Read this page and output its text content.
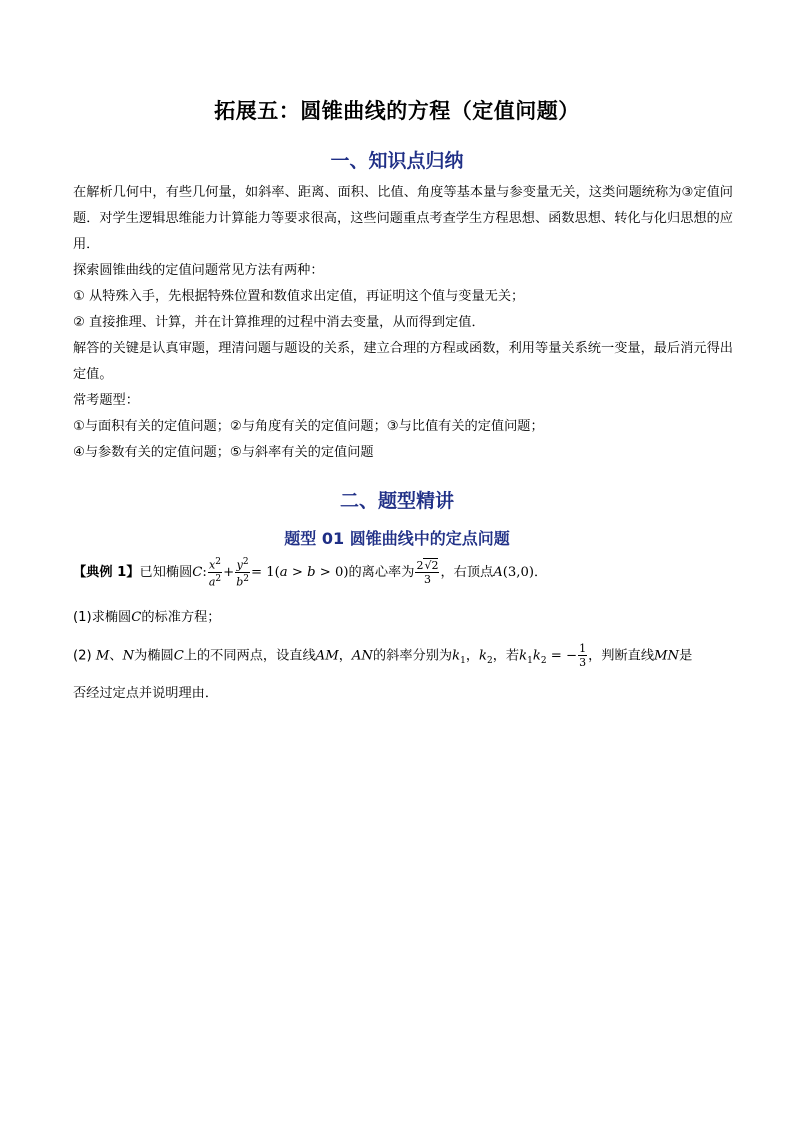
拓展五：圆锥曲线的方程（定值问题）
一、知识点归纳

在解析几何中，有些几何量，如斜率、距离、面积、比值、角度等基本量与参变量无关，这类问题统称为③定值问题．对学生逻辑思维能力计算能力等要求很高，这些问题重点考查学生方程思想、函数思想、转化与化归思想的应用．

探索圆锥曲线的定值问题常见方法有两种：

① 从特殊入手，先根据特殊位置和数值求出定值，再证明这个值与变量无关；

② 直接推理、计算，并在计算推理的过程中消去变量，从而得到定值．

解答的关键是认真审题，理清问题与题设的关系，建立合理的方程或函数，利用等量关系统一变量，最后消元得出定值。

常考题型：

①与面积有关的定值问题；②与角度有关的定值问题；③与比值有关的定值问题；

④与参数有关的定值问题；⑤与斜率有关的定值问题

二、题型精讲
题型 01 圆锥曲线中的定点问题
【典例 1】已知椭圆C: $\frac{x^2}{a^2} + \frac{y^2}{b^2} = 1(a > b > 0)$的离心率为 $\frac{2√2}{3}$ ，右顶点A(3,0)．
(1)求椭圆C的标准方程；
(2) M、N为椭圆C上的不同两点，设直线AM，AN的斜率分别为$k_1$，$k_2$，若$k_1k_2$ = − $\frac{1}{3}$ ，判断直线MN是
否经过定点并说明理由．
